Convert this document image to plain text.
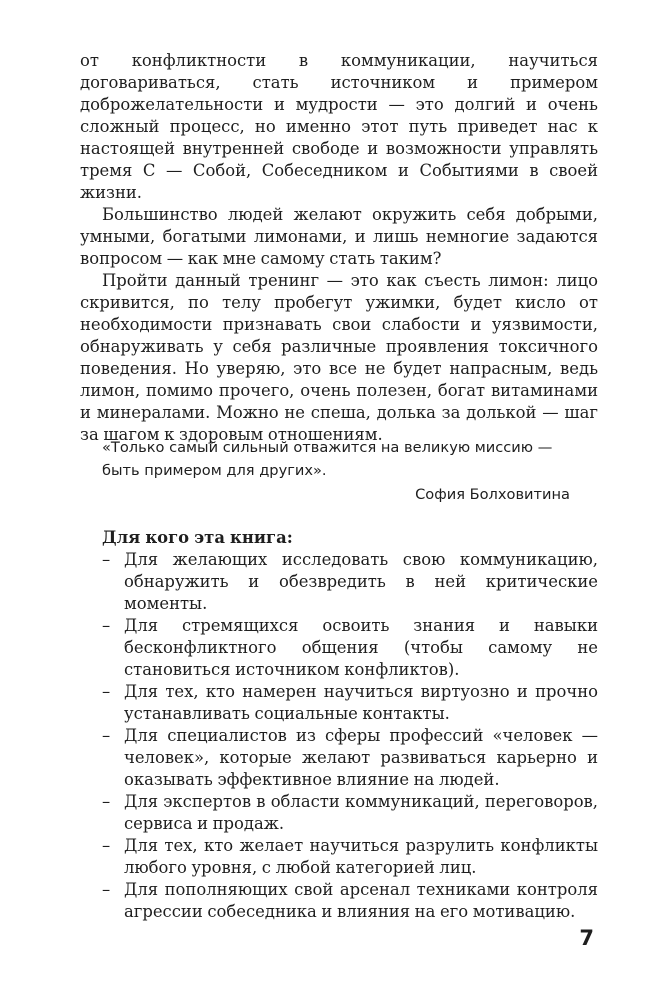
от конфликтности в коммуникации, научиться договариваться, стать источником и примером доброжелательности и мудрости — это долгий и очень сложный процесс, но именно этот путь приведет нас к настоящей внутренней свободе и возможности управлять тремя С — Собой, Собеседником и Событиями в своей жизни.

Большинство людей желают окружить себя добрыми, умными, богатыми лимонами, и лишь немногие задаются вопросом — как мне самому стать таким?

Пройти данный тренинг — это как съесть лимон: лицо скривится, по телу пробегут ужимки, будет кисло от необходимости признавать свои слабости и уязвимости, обнаруживать у себя различные проявления токсичного поведения. Но уверяю, это все не будет напрасным, ведь лимон, помимо прочего, очень полезен, богат витаминами и минералами. Можно не спеша, долька за долькой — шаг за шагом к здоровым отношениям.

«Только самый сильный отважится на великую миссию — быть примером для других».

София Болховитина

Для кого эта книга:

– Для желающих исследовать свою коммуникацию, обнаружить и обезвредить в ней критические моменты.
– Для стремящихся освоить знания и навыки бесконфликтного общения (чтобы самому не становиться источником конфликтов).
– Для тех, кто намерен научиться виртуозно и прочно устанавливать социальные контакты.
– Для специалистов из сферы профессий «человек — человек», которые желают развиваться карьерно и оказывать эффективное влияние на людей.
– Для экспертов в области коммуникаций, переговоров, сервиса и продаж.
– Для тех, кто желает научиться разрулить конфликты любого уровня, с любой категорией лиц.
– Для пополняющих свой арсенал техниками контроля агрессии собеседника и влияния на его мотивацию.
7
